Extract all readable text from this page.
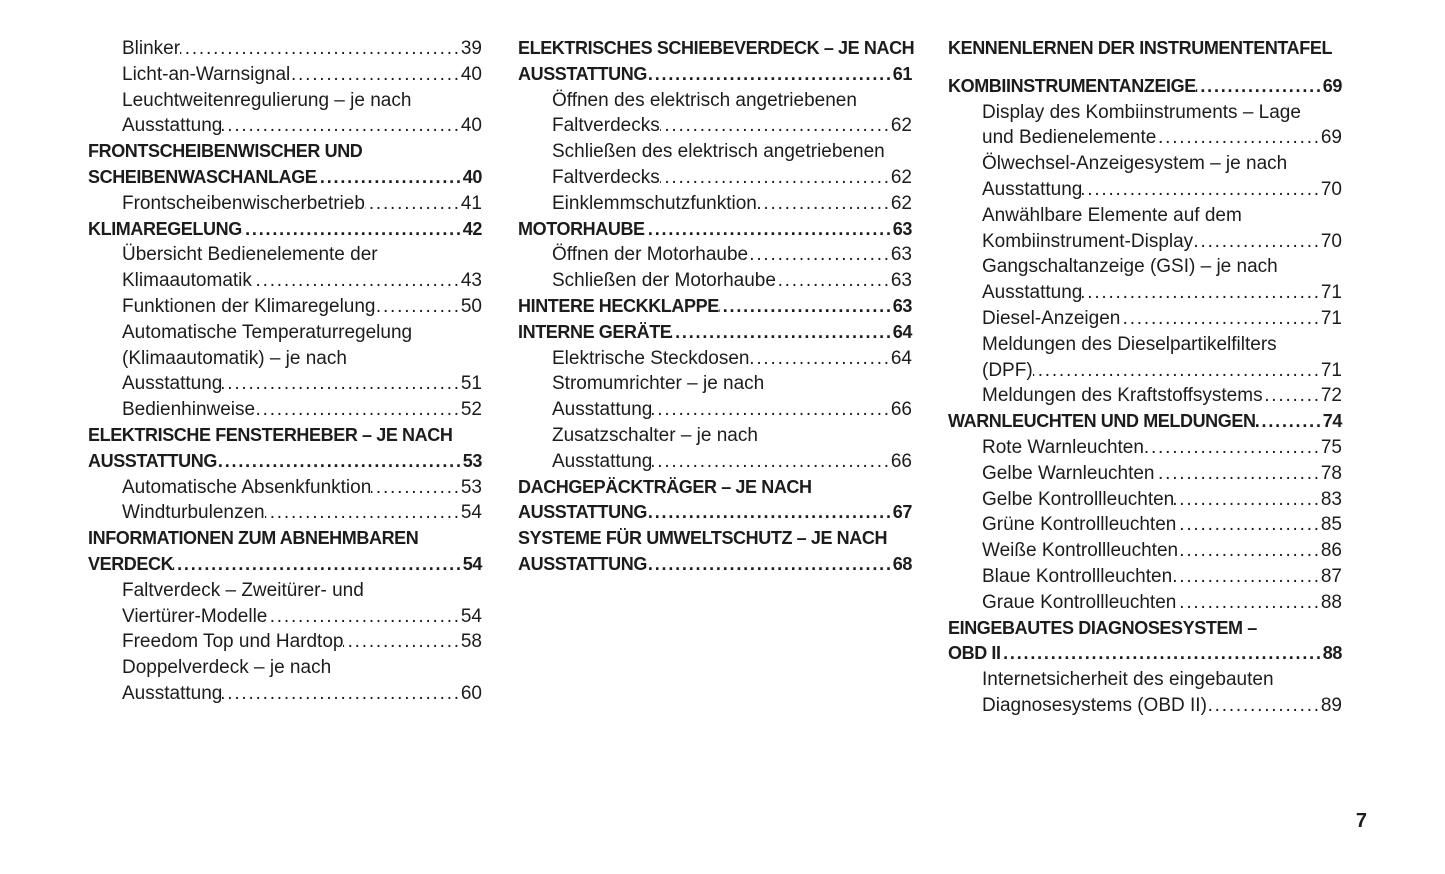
Blinker .....	39
Licht-an-Warnsignal .....	40
Leuchtweitenregulierung – je nach
Ausstattung .....	40
FRONTSCHEIBENWISCHER UND
SCHEIBENWASCHANLAGE .....	40
Frontscheibenwischerbetrieb .....	41
KLIMAREGELUNG .....	42
Übersicht Bedienelemente der
Klimaautomatik .....	43
Funktionen der Klimaregelung .....	50
Automatische Temperaturregelung
(Klimaautomatik) – je nach
Ausstattung .....	51
Bedienhinweise .....	52
ELEKTRISCHE FENSTERHEBER – JE NACH
AUSSTATTUNG .....	53
Automatische Absenkfunktion .....	53
Windturbulenzen .....	54
INFORMATIONEN ZUM ABNEHMBAREN
VERDECK .....	54
Faltverdeck – Zweitürer- und
Viertürer-Modelle .....	54
Freedom Top und Hardtop .....	58
Doppelverdeck – je nach
Ausstattung .....	60
ELEKTRISCHES SCHIEBEVERDECK – JE NACH
AUSSTATTUNG .....	61
Öffnen des elektrisch angetriebenen
Faltverdecks .....	62
Schließen des elektrisch angetriebenen
Faltverdecks .....	62
Einklemmschutzfunktion .....	62
MOTORHAUBE .....	63
Öffnen der Motorhaube .....	63
Schließen der Motorhaube .....	63
HINTERE HECKKLAPPE .....	63
INTERNE GERÄTE .....	64
Elektrische Steckdosen .....	64
Stromumrichter – je nach
Ausstattung .....	66
Zusatzschalter – je nach
Ausstattung .....	66
DACHGEPÄCKTRÄGER – JE NACH
AUSSTATTUNG .....	67
SYSTEME FÜR UMWELTSCHUTZ – JE NACH
AUSSTATTUNG .....	68
KENNENLERNEN DER INSTRUMENTENTAFEL
KOMBIINSTRUMENTANZEIGE .....	69
Display des Kombiinstruments – Lage
und Bedienelemente .....	69
Ölwechsel-Anzeigesystem – je nach
Ausstattung .....	70
Anwählbare Elemente auf dem
Kombiinstrument-Display .....	70
Gangschaltanzeige (GSI) – je nach
Ausstattung .....	71
Diesel-Anzeigen .....	71
Meldungen des Dieselpartikelfilters
(DPF) .....	71
Meldungen des Kraftstoffsystems .....	72
WARNLEUCHTEN UND MELDUNGEN .....	74
Rote Warnleuchten .....	75
Gelbe Warnleuchten .....	78
Gelbe Kontrollleuchten .....	83
Grüne Kontrollleuchten .....	85
Weiße Kontrollleuchten .....	86
Blaue Kontrollleuchten .....	87
Graue Kontrollleuchten .....	88
EINGEBAUTES DIAGNOSESYSTEM –
OBD II .....	88
Internetsicherheit des eingebauten
Diagnosesystems (OBD II) .....	89
7
